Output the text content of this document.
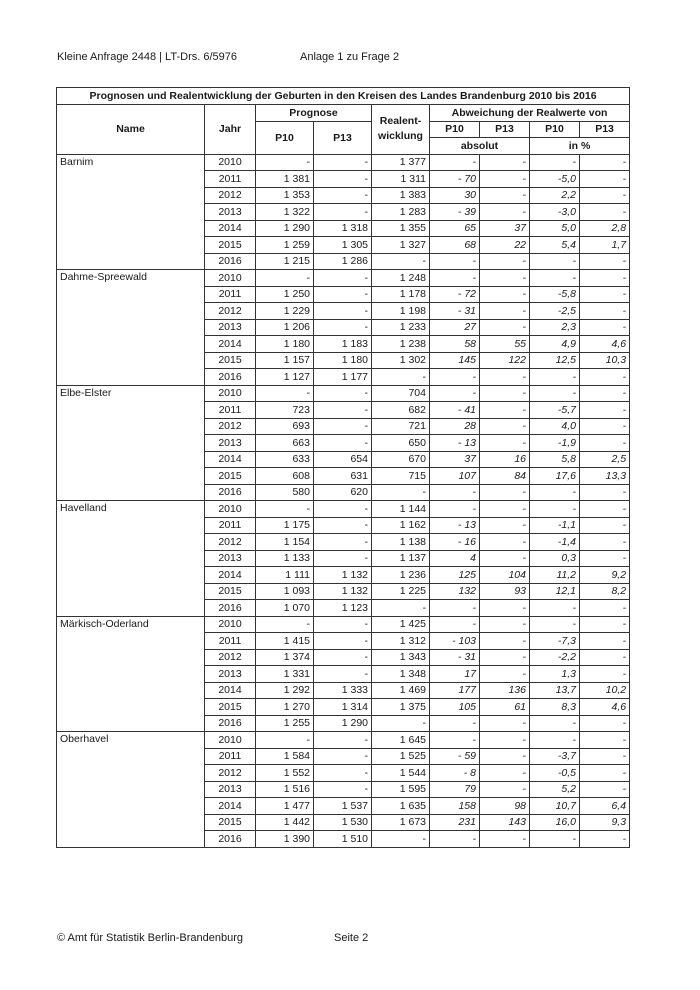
Kleine Anfrage 2448 | LT-Drs. 6/5976	Anlage 1 zu Frage 2
Prognosen und Realentwicklung der Geburten in den Kreisen des Landes Brandenburg 2010 bis 2016								
Name	Jahr	Prognose		Realent-
wicklung	Abweichung der Realwerte von			
		P10	P13		P10	P13	P10	P13
					absolut		in %	
Barnim	2010	-	-	1 377	-	-	-	-
	2011	1 381	-	1 311	- 70	-	-5,0	-
	2012	1 353	-	1 383	30	-	2,2	-
	2013	1 322	-	1 283	- 39	-	-3,0	-
	2014	1 290	1 318	1 355	65	37	5,0	2,8
	2015	1 259	1 305	1 327	68	22	5,4	1,7
	2016	1 215	1 286	-	-	-	-	-
Dahme-Spreewald	2010	-	-	1 248	-	-	-	-
	2011	1 250	-	1 178	- 72	-	-5,8	-
	2012	1 229	-	1 198	- 31	-	-2,5	-
	2013	1 206	-	1 233	27	-	2,3	-
	2014	1 180	1 183	1 238	58	55	4,9	4,6
	2015	1 157	1 180	1 302	145	122	12,5	10,3
	2016	1 127	1 177	-	-	-	-	-
Elbe-Elster	2010	-	-	704	-	-	-	-
	2011	723	-	682	- 41	-	-5,7	-
	2012	693	-	721	28	-	4,0	-
	2013	663	-	650	- 13	-	-1,9	-
	2014	633	654	670	37	16	5,8	2,5
	2015	608	631	715	107	84	17,6	13,3
	2016	580	620	-	-	-	-	-
Havelland	2010	-	-	1 144	-	-	-	-
	2011	1 175	-	1 162	- 13	-	-1,1	-
	2012	1 154	-	1 138	- 16	-	-1,4	-
	2013	1 133	-	1 137	4	-	0,3	-
	2014	1 111	1 132	1 236	125	104	11,2	9,2
	2015	1 093	1 132	1 225	132	93	12,1	8,2
	2016	1 070	1 123	-	-	-	-	-
Märkisch-Oderland	2010	-	-	1 425	-	-	-	-
	2011	1 415	-	1 312	- 103	-	-7,3	-
	2012	1 374	-	1 343	- 31	-	-2,2	-
	2013	1 331	-	1 348	17	-	1,3	-
	2014	1 292	1 333	1 469	177	136	13,7	10,2
	2015	1 270	1 314	1 375	105	61	8,3	4,6
	2016	1 255	1 290	-	-	-	-	-
Oberhavel	2010	-	-	1 645	-	-	-	-
	2011	1 584	-	1 525	- 59	-	-3,7	-
	2012	1 552	-	1 544	- 8	-	-0,5	-
	2013	1 516	-	1 595	79	-	5,2	-
	2014	1 477	1 537	1 635	158	98	10,7	6,4
	2015	1 442	1 530	1 673	231	143	16,0	9,3
	2016	1 390	1 510	-	-	-	-	-
© Amt für Statistik Berlin-Brandenburg	Seite 2
